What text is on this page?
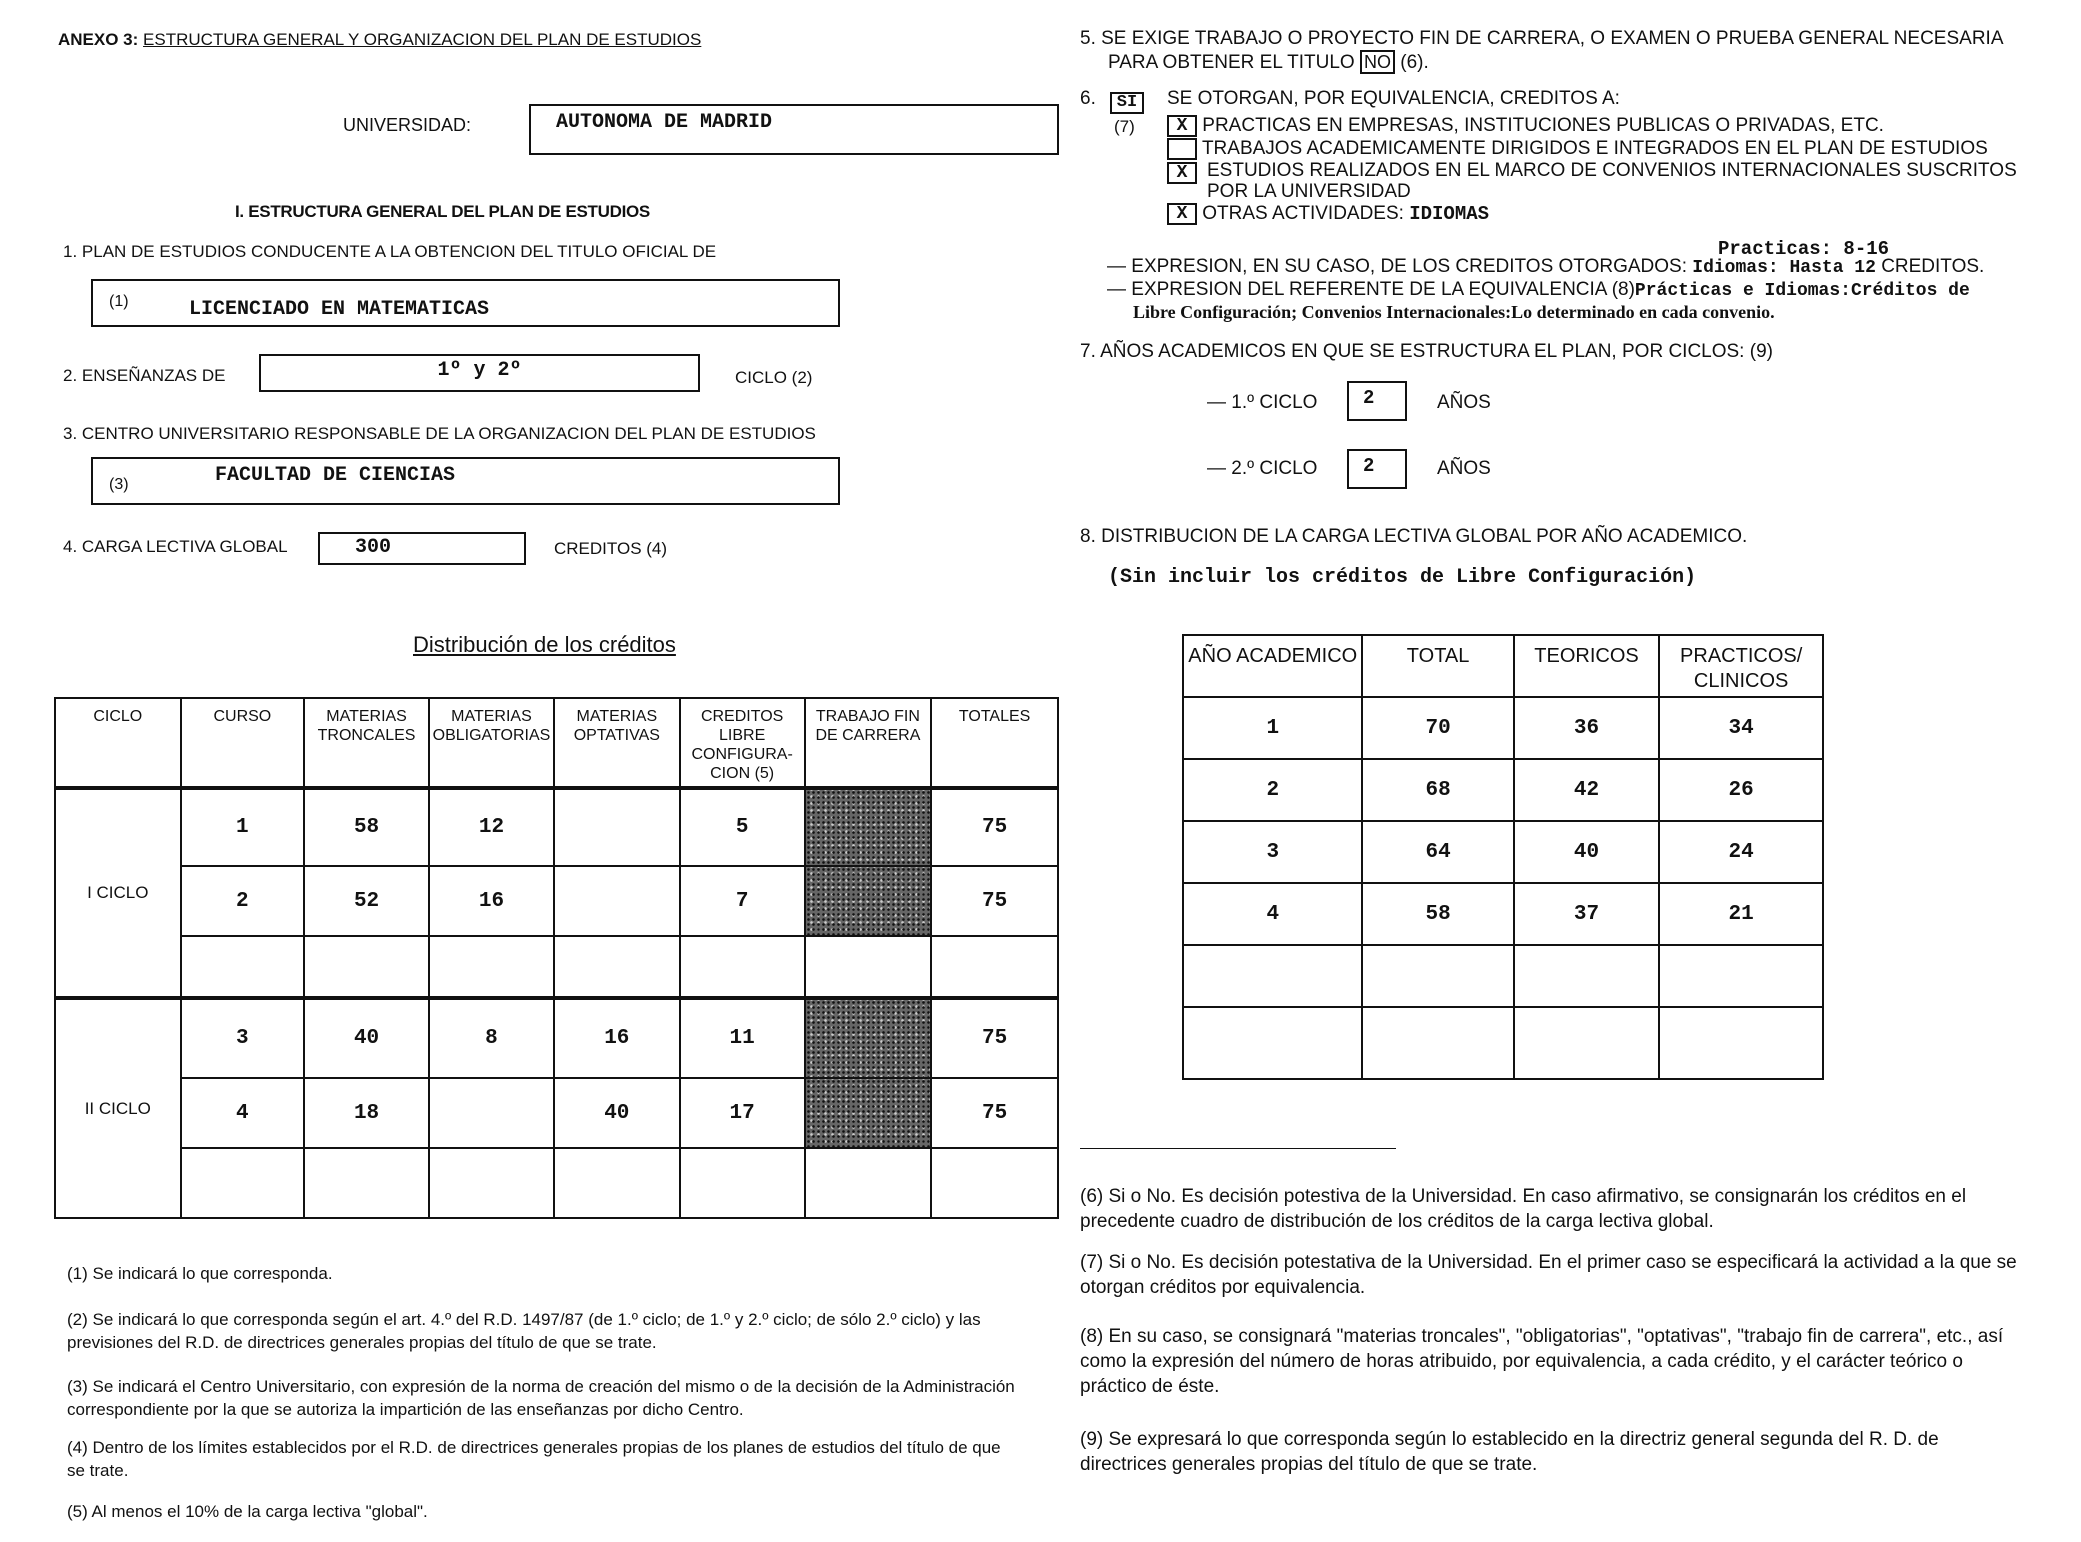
ANEXO 3: ESTRUCTURA GENERAL Y ORGANIZACION DEL PLAN DE ESTUDIOS
UNIVERSIDAD:	AUTONOMA DE MADRID
I. ESTRUCTURA GENERAL DEL PLAN DE ESTUDIOS
1. PLAN DE ESTUDIOS CONDUCENTE A LA OBTENCION DEL TITULO OFICIAL DE
(1)	LICENCIADO EN MATEMATICAS
2. ENSEÑANZAS DE	1º y 2º	CICLO (2)
3. CENTRO UNIVERSITARIO RESPONSABLE DE LA ORGANIZACION DEL PLAN DE ESTUDIOS
(3)	FACULTAD DE CIENCIAS
4. CARGA LECTIVA GLOBAL	300	CREDITOS (4)
Distribución de los créditos
CICLO	CURSO	MATERIAS TRONCALES	MATERIAS OBLIGATORIAS	MATERIAS OPTATIVAS	CREDITOS LIBRE CONFIGURA-CION (5)	TRABAJO FIN DE CARRERA	TOTALES
I CICLO	1	58	12		5		75
	2	52	16		7		75

II CICLO	3	40	8	16	11		75
	4	18		40	17		75

(1) Se indicará lo que corresponda.
(2) Se indicará lo que corresponda según el art. 4.º del R.D. 1497/87 (de 1.º ciclo; de 1.º y 2.º ciclo; de sólo 2.º ciclo) y las previsiones del R.D. de directrices generales propias del título de que se trate.
(3) Se indicará el Centro Universitario, con expresión de la norma de creación del mismo o de la decisión de la Administración correspondiente por la que se autoriza la impartición de las enseñanzas por dicho Centro.
(4) Dentro de los límites establecidos por el R.D. de directrices generales propias de los planes de estudios del título de que se trate.
(5) Al menos el 10% de la carga lectiva "global".
5. SE EXIGE TRABAJO O PROYECTO FIN DE CARRERA, O EXAMEN O PRUEBA GENERAL NECESARIA
PARA OBTENER EL TITULO NO (6).
6.	SI
(7)
SE OTORGAN, POR EQUIVALENCIA, CREDITOS A:
X PRACTICAS EN EMPRESAS, INSTITUCIONES PUBLICAS O PRIVADAS, ETC.
TRABAJOS ACADEMICAMENTE DIRIGIDOS E INTEGRADOS EN EL PLAN DE ESTUDIOS
X	ESTUDIOS REALIZADOS EN EL MARCO DE CONVENIOS INTERNACIONALES SUSCRITOS POR LA UNIVERSIDAD
X OTRAS ACTIVIDADES: IDIOMAS
Practicas: 8-16
— EXPRESION, EN SU CASO, DE LOS CREDITOS OTORGADOS: Idiomas: Hasta 12 CREDITOS.
— EXPRESION DEL REFERENTE DE LA EQUIVALENCIA (8)Prácticas e Idiomas:Créditos de
Libre Configuración; Convenios Internacionales:Lo determinado en cada convenio.
7. AÑOS ACADEMICOS EN QUE SE ESTRUCTURA EL PLAN, POR CICLOS: (9)
— 1.º CICLO	2	AÑOS
— 2.º CICLO	2	AÑOS
8. DISTRIBUCION DE LA CARGA LECTIVA GLOBAL POR AÑO ACADEMICO.
(Sin incluir los créditos de Libre Configuración)
AÑO ACADEMICO	TOTAL	TEORICOS	PRACTICOS/ CLINICOS
1	70	36	34
2	68	42	26
3	64	40	24
4	58	37	21

(6) Si o No. Es decisión potestiva de la Universidad. En caso afirmativo, se consignarán los créditos en el precedente cuadro de distribución de los créditos de la carga lectiva global.
(7) Si o No. Es decisión potestativa de la Universidad. En el primer caso se especificará la actividad a la que se otorgan créditos por equivalencia.
(8) En su caso, se consignará "materias troncales", "obligatorias", "optativas", "trabajo fin de carrera", etc., así como la expresión del número de horas atribuido, por equivalencia, a cada crédito, y el carácter teórico o práctico de éste.
(9) Se expresará lo que corresponda según lo establecido en la directriz general segunda del R. D. de directrices generales propias del título de que se trate.
